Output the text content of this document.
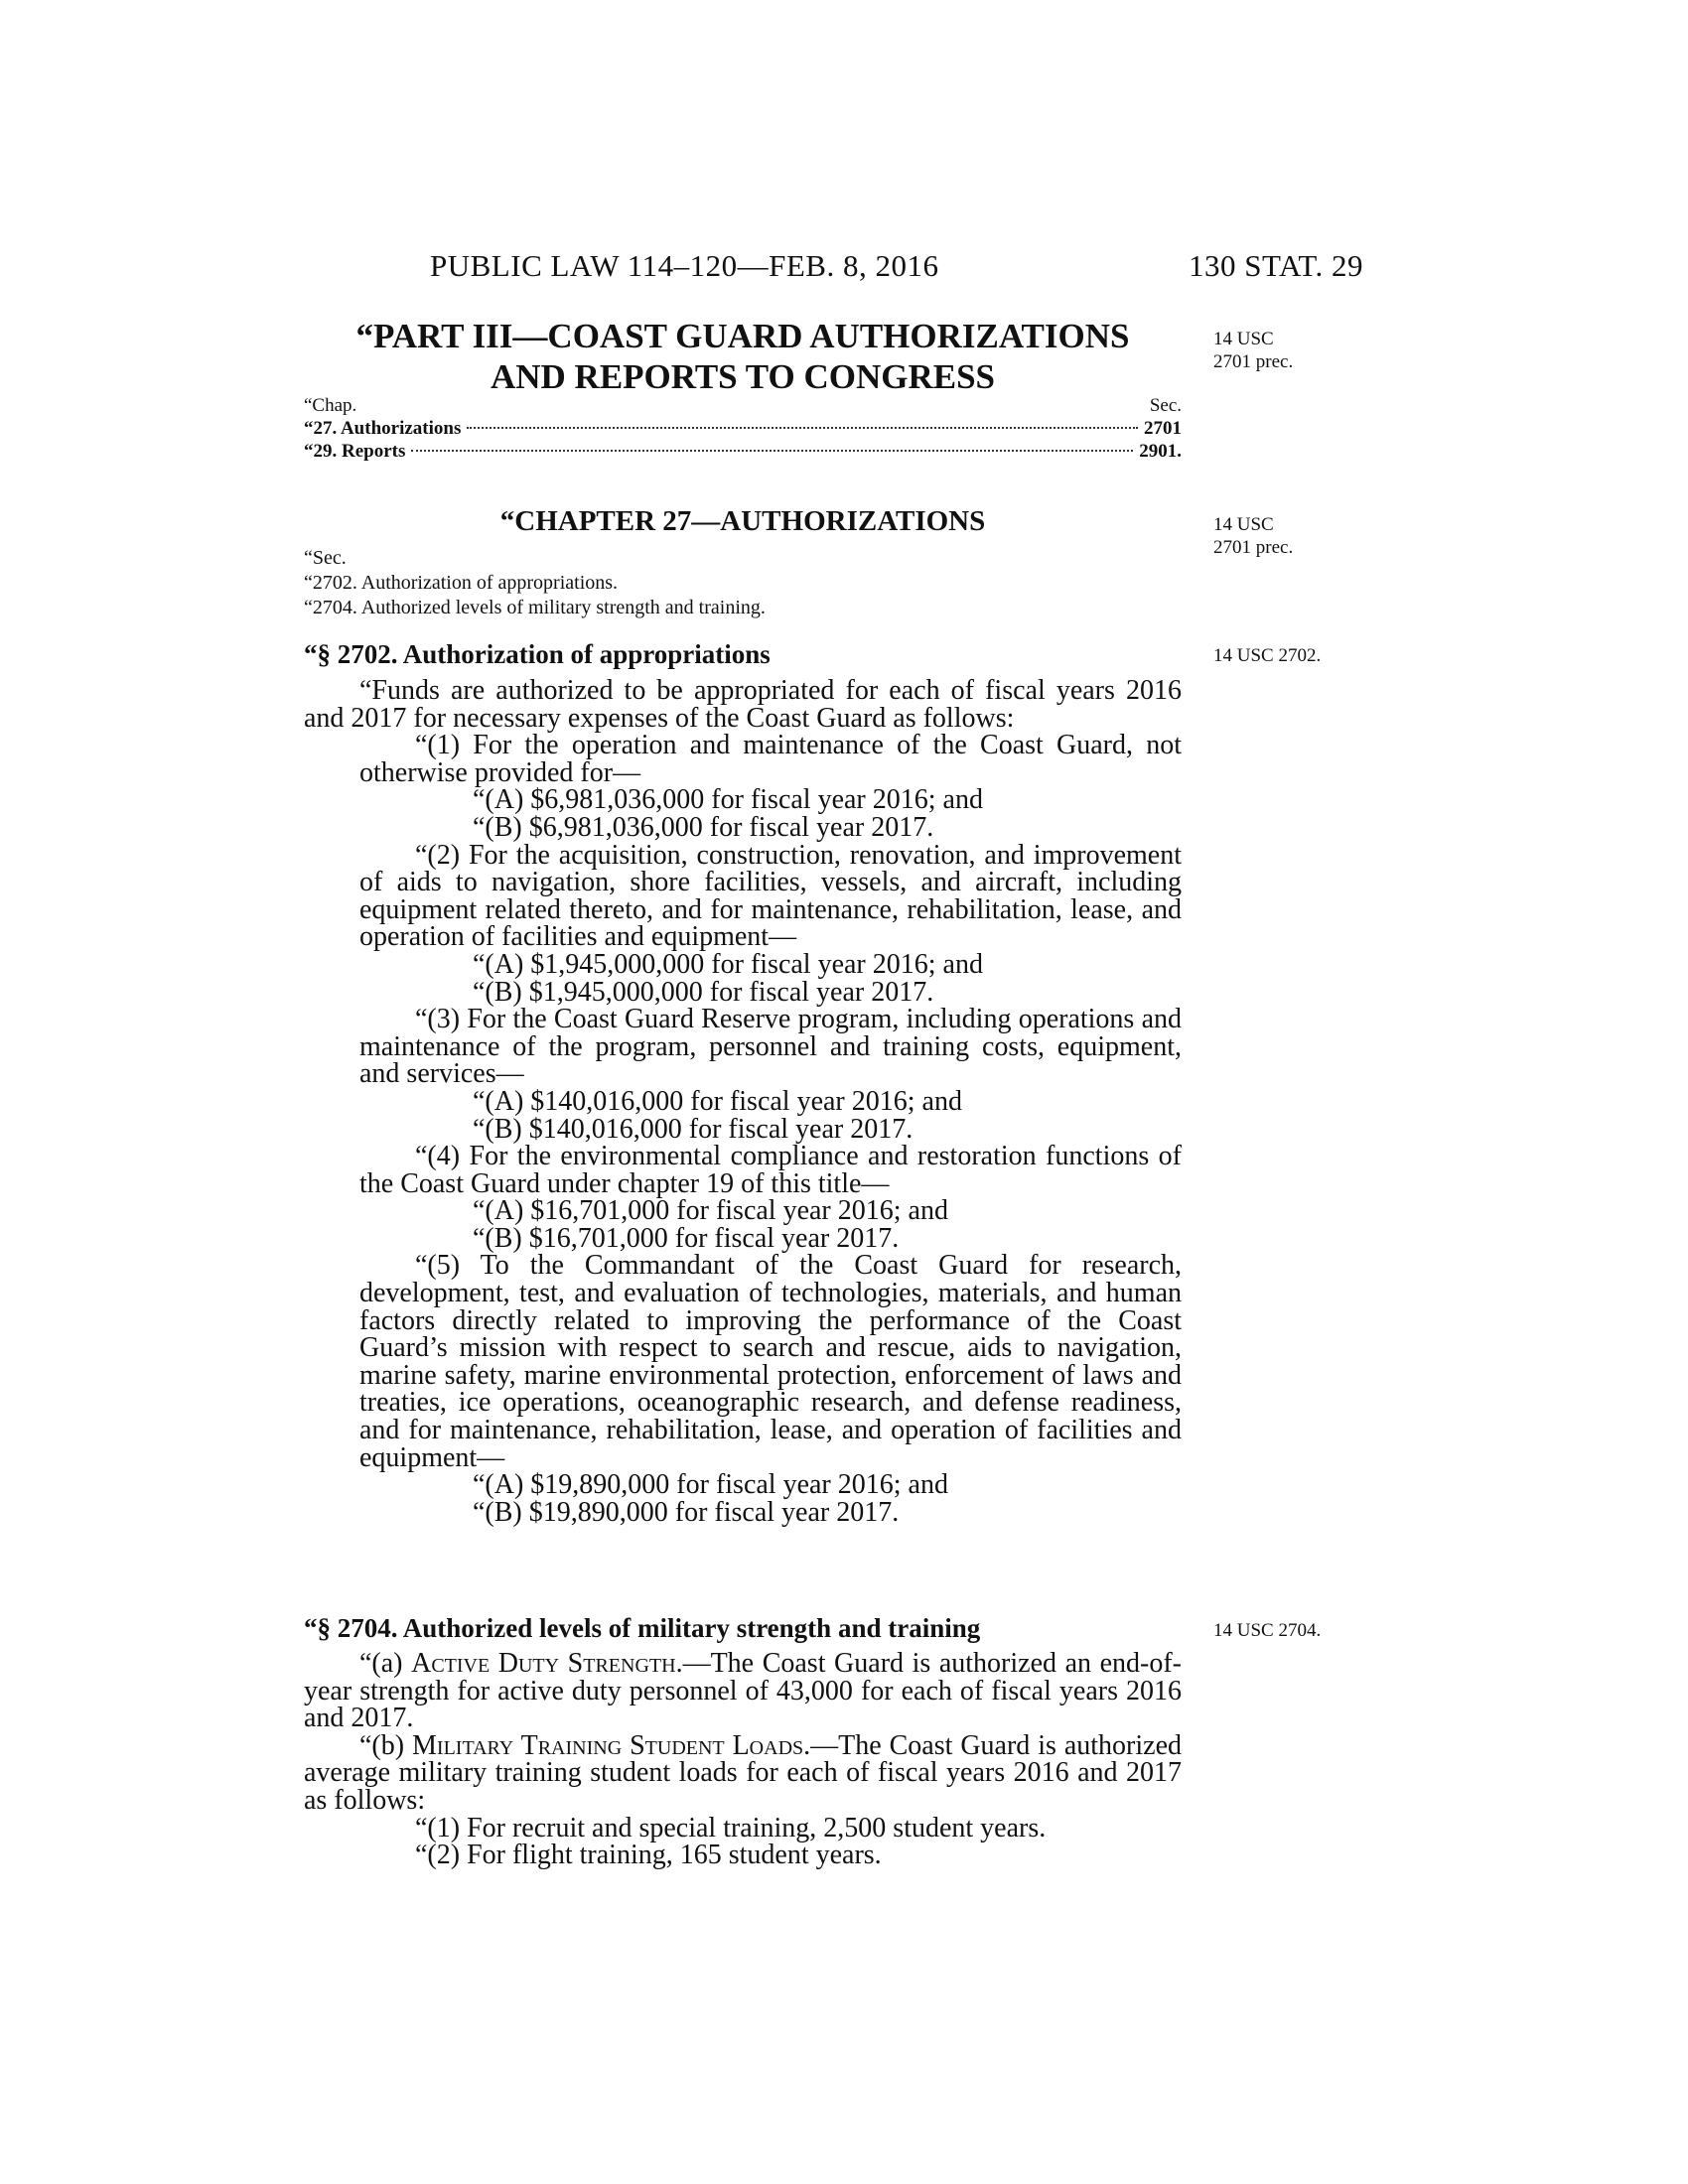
PUBLIC LAW 114–120—FEB. 8, 2016	130 STAT. 29
“PART III—COAST GUARD AUTHORIZATIONS
AND REPORTS TO CONGRESS
14 USC
2701 prec.
“Chap.	Sec.
“27. Authorizations	2701
“29. Reports	2901.
“CHAPTER 27—AUTHORIZATIONS	14 USC
2701 prec.
“Sec.
“2702. Authorization of appropriations.
“2704. Authorized levels of military strength and training.
“§ 2702. Authorization of appropriations	14 USC 2702.

“Funds are authorized to be appropriated for each of fiscal years 2016 and 2017 for necessary expenses of the Coast Guard as follows:

“(1) For the operation and maintenance of the Coast Guard, not otherwise provided for—

“(A) $6,981,036,000 for fiscal year 2016; and

“(B) $6,981,036,000 for fiscal year 2017.

“(2) For the acquisition, construction, renovation, and improvement of aids to navigation, shore facilities, vessels, and aircraft, including equipment related thereto, and for maintenance, rehabilitation, lease, and operation of facilities and equipment—

“(A) $1,945,000,000 for fiscal year 2016; and

“(B) $1,945,000,000 for fiscal year 2017.

“(3) For the Coast Guard Reserve program, including operations and maintenance of the program, personnel and training costs, equipment, and services—

“(A) $140,016,000 for fiscal year 2016; and

“(B) $140,016,000 for fiscal year 2017.

“(4) For the environmental compliance and restoration functions of the Coast Guard under chapter 19 of this title—

“(A) $16,701,000 for fiscal year 2016; and

“(B) $16,701,000 for fiscal year 2017.

“(5) To the Commandant of the Coast Guard for research, development, test, and evaluation of technologies, materials, and human factors directly related to improving the performance of the Coast Guard’s mission with respect to search and rescue, aids to navigation, marine safety, marine environmental protection, enforcement of laws and treaties, ice operations, oceanographic research, and defense readiness, and for maintenance, rehabilitation, lease, and operation of facilities and equipment—

“(A) $19,890,000 for fiscal year 2016; and

“(B) $19,890,000 for fiscal year 2017.

“§ 2704. Authorized levels of military strength and training	14 USC 2704.

“(a) Active Duty Strength.—The Coast Guard is authorized an end-of-year strength for active duty personnel of 43,000 for each of fiscal years 2016 and 2017.

“(b) Military Training Student Loads.—The Coast Guard is authorized average military training student loads for each of fiscal years 2016 and 2017 as follows:

“(1) For recruit and special training, 2,500 student years.

“(2) For flight training, 165 student years.
